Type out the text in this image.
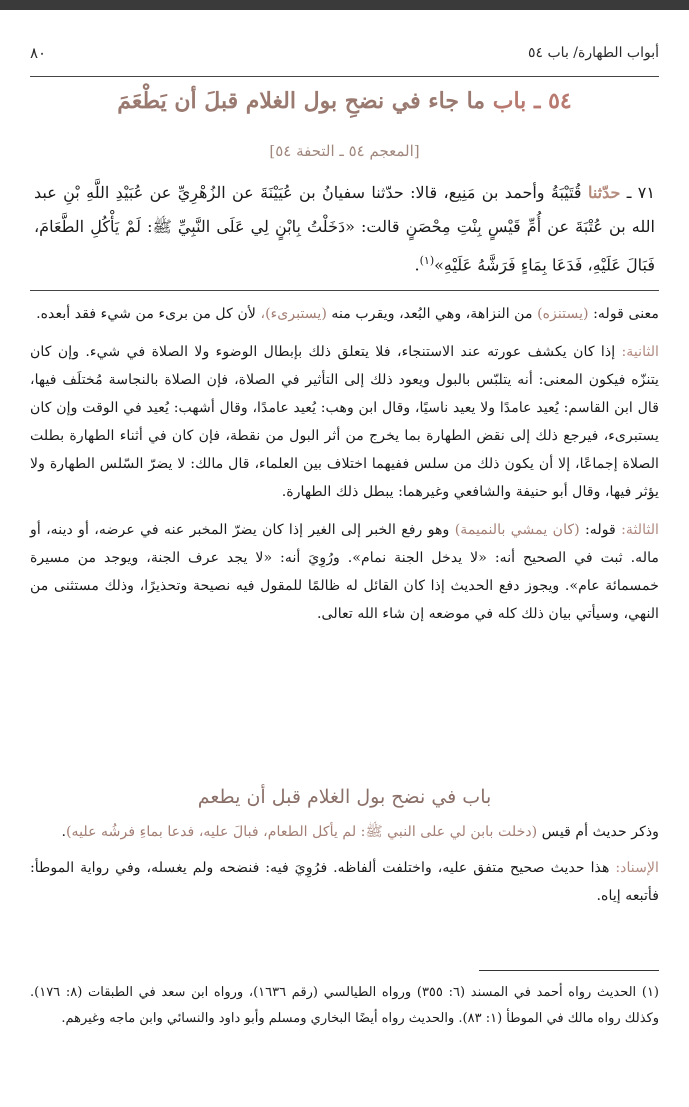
٨٠	أبواب الطهارة/ باب ٥٤
٥٤ ـ باب ما جاء في نضحِ بول الغلام قبلَ أن يَطْعَمَ
[المعجم ٥٤ ـ التحفة ٥٤]
٧١ ـ حدّثنا قُتَيْبَةُ وأحمد بن مَنِيع، قالا: حدّثنا سفيانُ بن عُيَيْنَةَ عن الزُهْرِيِّ عن عُبَيْدِ اللَّهِ بْنِ عبد الله بن عُتْبَةَ عن أُمِّ قَيْسٍ بِنْتِ مِحْصَنٍ قالت: «دَخَلْتُ بِابْنٍ لِي عَلَى النَّبِيِّ ﷺ: لَمْ يَأْكُلِ الطَّعَامَ، فَبَالَ عَلَيْهِ، فَدَعَا بِمَاءٍ فَرَشَّهُ عَلَيْهِ»$^{(١)}$.

معنى قوله: (يستنزه) من النزاهة، وهي البُعد، ويقرب منه (يستبرىء)، لأن كل من برىء من شيء فقد أبعده.

الثانية: إذا كان يكشف عورته عند الاستنجاء، فلا يتعلق ذلك بإبطال الوضوء ولا الصلاة في شيء. وإن كان يتنزّه فيكون المعنى: أنه يتلبّس بالبول ويعود ذلك إلى التأثير في الصلاة، فإن الصلاة بالنجاسة مُختلَف فيها، قال ابن القاسم: يُعيد عامدًا ولا يعيد ناسيًا، وقال ابن وهب: يُعيد عامدًا، وقال أشهب: يُعيد في الوقت وإن كان يستبرىء، فيرجع ذلك إلى نقض الطهارة بما يخرج من أثر البول من نقطة، فإن كان في أثناء الطهارة بطلت الصلاة إجماعًا، إلا أن يكون ذلك من سلس ففيهما اختلاف بين العلماء، قال مالك: لا يضرّ السّلس الطهارة ولا يؤثر فيها، وقال أبو حنيفة والشافعي وغيرهما: يبطل ذلك الطهارة.

الثالثة: قوله: (كان يمشي بالنميمة) وهو رفع الخبر إلى الغير إذا كان يضرّ المخبر عنه في عرضه، أو دينه، أو ماله. ثبت في الصحيح أنه: «لا يدخل الجنة نمام». ورُوِيَ أنه: «لا يجد عرف الجنة، ويوجد من مسيرة خمسمائة عام». ويجوز دفع الحديث إذا كان القائل له ظالمًا للمقول فيه نصيحة وتحذيرًا، وذلك مستثنى من النهي، وسيأتي بيان ذلك كله في موضعه إن شاء الله تعالى.

باب في نضح بول الغلام قبل أن يطعم

وذكر حديث أم قيس (دخلت بابن لي على النبي ﷺ: لم يأكل الطعام، فبالَ عليه، فدعا بماءِ فرشُه عليه).

الإسناد: هذا حديث صحيح متفق عليه، واختلفت ألفاظه. فرُوِيَ فيه: فنضحه ولم يغسله، وفي رواية الموطأ: فأتبعه إياه.

(١) الحديث رواه أحمد في المسند (٦: ٣٥٥) ورواه الطيالسي (رقم ١٦٣٦)، ورواه ابن سعد في الطبقات (٨: ١٧٦). وكذلك رواه مالك في الموطأ (١: ٨٣). والحديث رواه أيضًا البخاري ومسلم وأبو داود والنسائي وابن ماجه وغيرهم.
